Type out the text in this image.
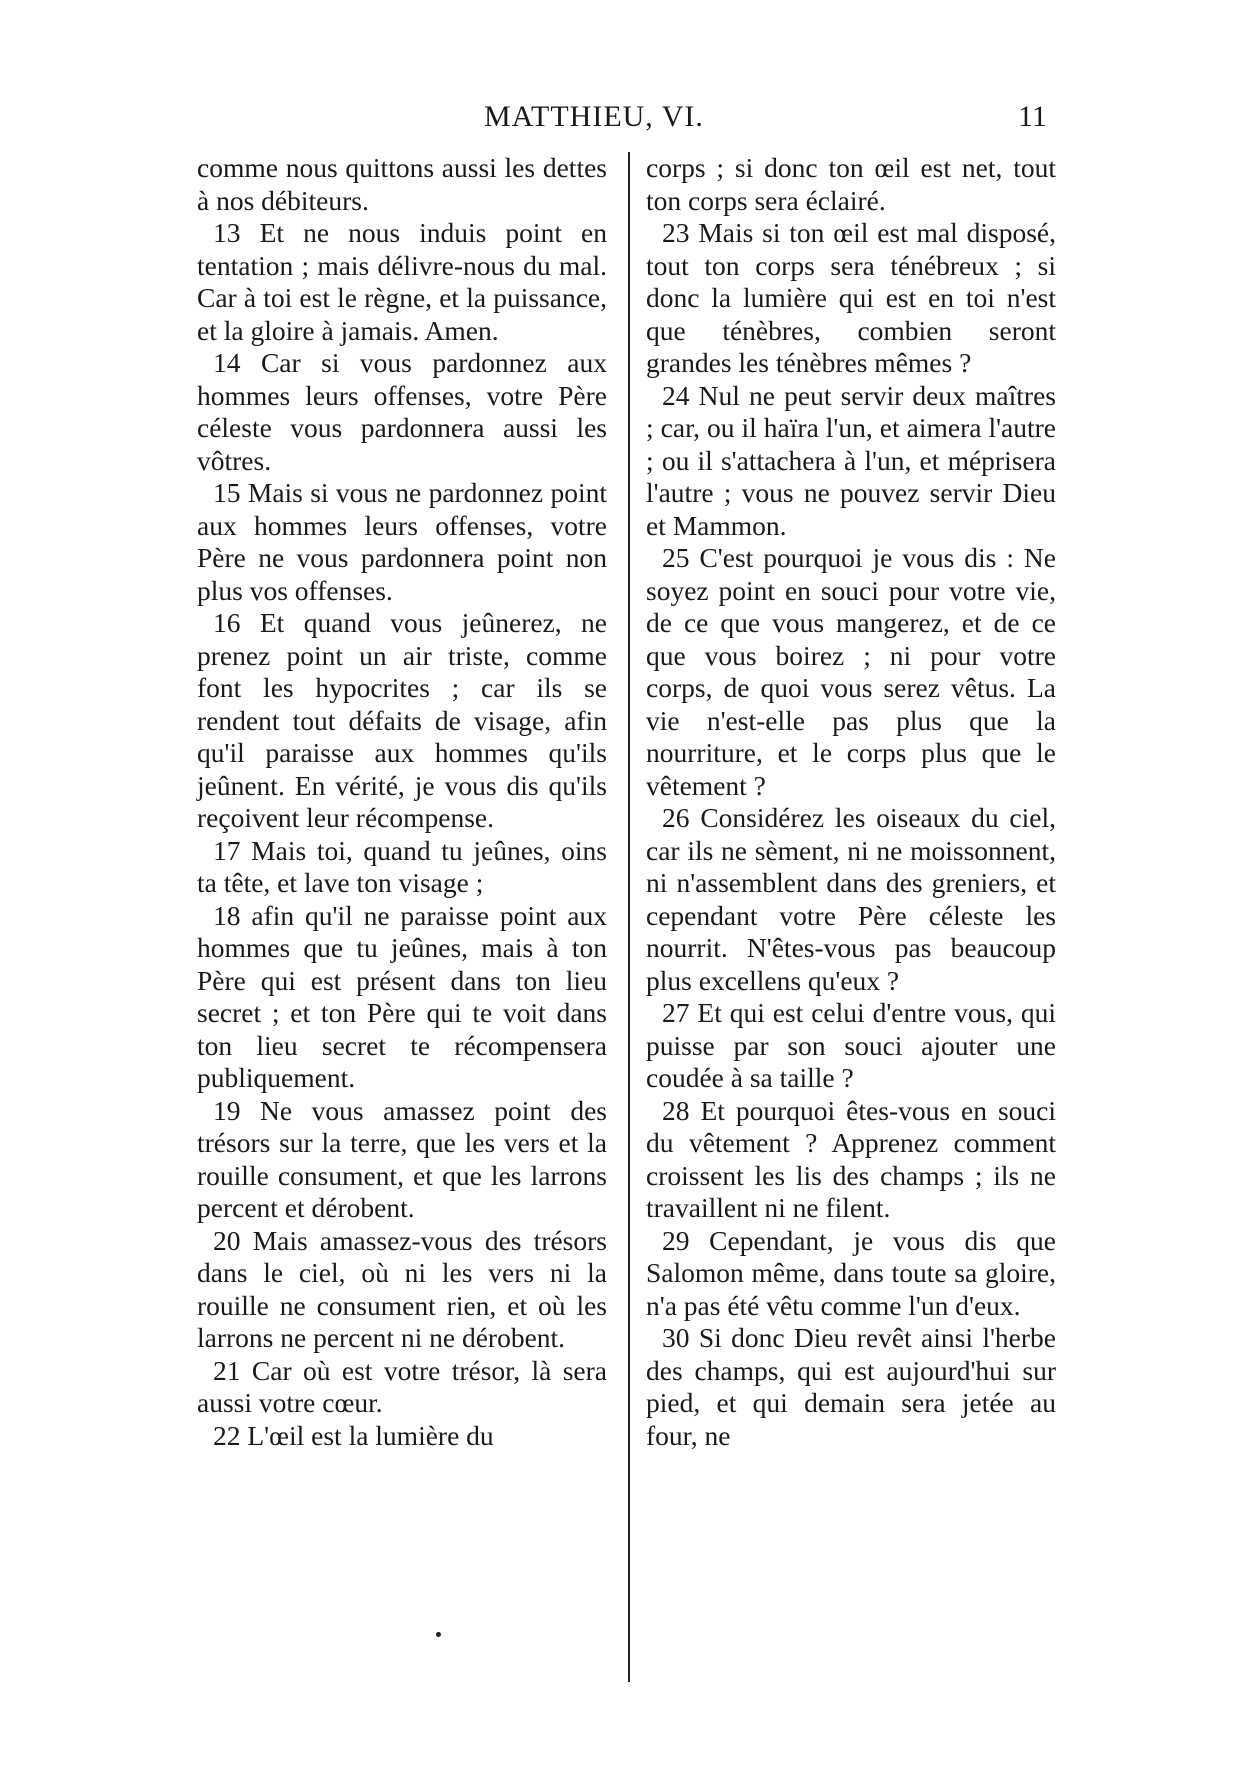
MATTHIEU, VI.	11

comme nous quittons aussi les dettes à nos débiteurs.

13 Et ne nous induis point en tentation ; mais délivre-nous du mal. Car à toi est le règne, et la puissance, et la gloire à jamais. Amen.

14 Car si vous pardonnez aux hommes leurs offenses, votre Père céleste vous pardonnera aussi les vôtres.

15 Mais si vous ne pardonnez point aux hommes leurs offenses, votre Père ne vous pardonnera point non plus vos offenses.

16 Et quand vous jeûnerez, ne prenez point un air triste, comme font les hypocrites ; car ils se rendent tout défaits de visage, afin qu'il paraisse aux hommes qu'ils jeûnent. En vérité, je vous dis qu'ils reçoivent leur récompense.

17 Mais toi, quand tu jeûnes, oins ta tête, et lave ton visage ;

18 afin qu'il ne paraisse point aux hommes que tu jeûnes, mais à ton Père qui est présent dans ton lieu secret ; et ton Père qui te voit dans ton lieu secret te récompensera publiquement.

19 Ne vous amassez point des trésors sur la terre, que les vers et la rouille consument, et que les larrons percent et dérobent.

20 Mais amassez-vous des trésors dans le ciel, où ni les vers ni la rouille ne consument rien, et où les larrons ne percent ni ne dérobent.

21 Car où est votre trésor, là sera aussi votre cœur.

22 L'œil est la lumière du

corps ; si donc ton œil est net, tout ton corps sera éclairé.

23 Mais si ton œil est mal disposé, tout ton corps sera ténébreux ; si donc la lumière qui est en toi n'est que ténèbres, combien seront grandes les ténèbres mêmes ?

24 Nul ne peut servir deux maîtres ; car, ou il haïra l'un, et aimera l'autre ; ou il s'attachera à l'un, et méprisera l'autre ; vous ne pouvez servir Dieu et Mammon.

25 C'est pourquoi je vous dis : Ne soyez point en souci pour votre vie, de ce que vous mangerez, et de ce que vous boirez ; ni pour votre corps, de quoi vous serez vêtus. La vie n'est-elle pas plus que la nourriture, et le corps plus que le vêtement ?

26 Considérez les oiseaux du ciel, car ils ne sèment, ni ne moissonnent, ni n'assemblent dans des greniers, et cependant votre Père céleste les nourrit. N'êtes-vous pas beaucoup plus excellens qu'eux ?

27 Et qui est celui d'entre vous, qui puisse par son souci ajouter une coudée à sa taille ?

28 Et pourquoi êtes-vous en souci du vêtement ? Apprenez comment croissent les lis des champs ; ils ne travaillent ni ne filent.

29 Cependant, je vous dis que Salomon même, dans toute sa gloire, n'a pas été vêtu comme l'un d'eux.

30 Si donc Dieu revêt ainsi l'herbe des champs, qui est aujourd'hui sur pied, et qui demain sera jetée au four, ne
